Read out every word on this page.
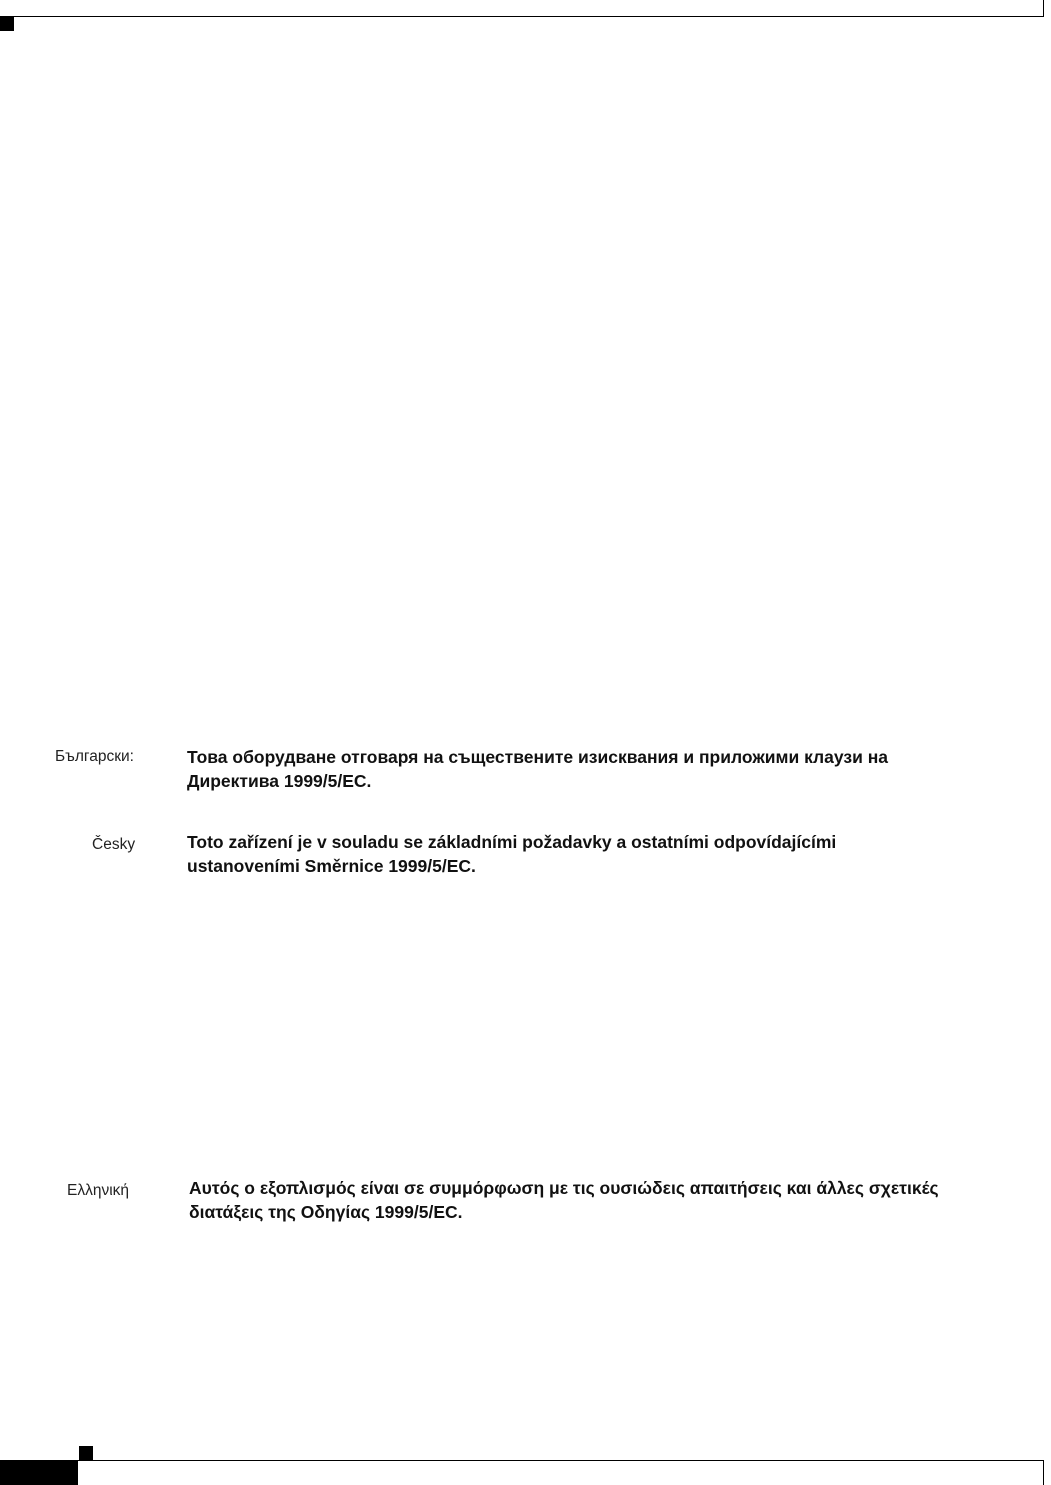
Български:	Това оборудване отговаря на съществените изисквания и приложими клаузи на
Директива 1999/5/ЕС.
Česky	Toto zařízení je v souladu se základními požadavky a ostatními odpovídajícími
ustanoveními Směrnice 1999/5/EC.
Ελληνική	Αυτός ο εξοπλισμός είναι σε συμμόρφωση με τις ουσιώδεις απαιτήσεις και άλλες σχετικές
διατάξεις της Οδηγίας 1999/5/EC.
